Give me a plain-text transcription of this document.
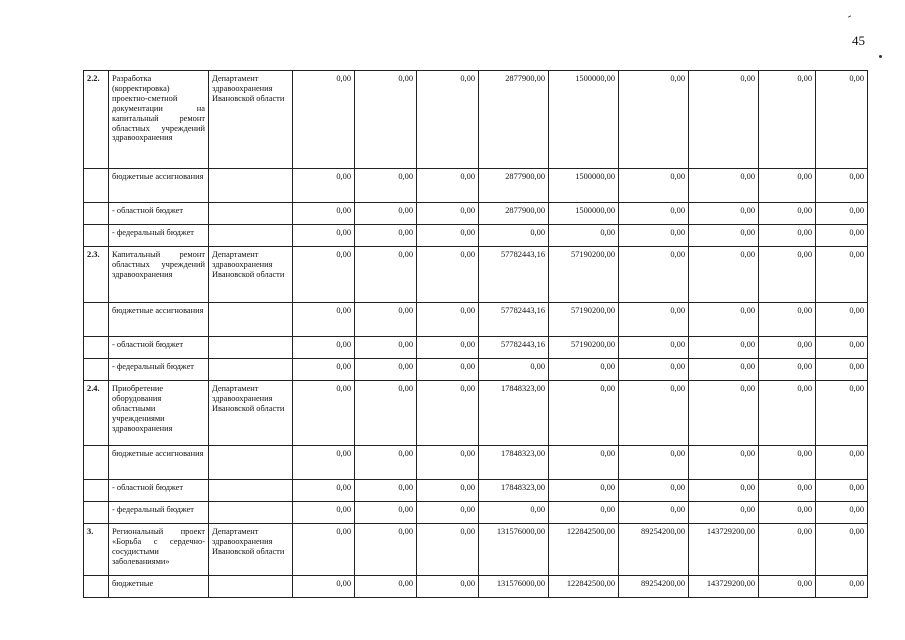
45
2.2.	Разработка (корректировка) проектно-сметной документации на капитальный ремонт областных учреждений здравоохранения	Департамент здравоохранения Ивановской области	0,00	0,00	0,00	2877900,00	1500000,00	0,00	0,00	0,00	0,00
	бюджетные ассигнования		0,00	0,00	0,00	2877900,00	1500000,00	0,00	0,00	0,00	0,00
	- областной бюджет		0,00	0,00	0,00	2877900,00	1500000,00	0,00	0,00	0,00	0,00
	- федеральный бюджет		0,00	0,00	0,00	0,00	0,00	0,00	0,00	0,00	0,00
2.3.	Капитальный ремонт областных учреждений здравоохранения	Департамент здравоохранения Ивановской области	0,00	0,00	0,00	57782443,16	57190200,00	0,00	0,00	0,00	0,00
	бюджетные ассигнования		0,00	0,00	0,00	57782443,16	57190200,00	0,00	0,00	0,00	0,00
	- областной бюджет		0,00	0,00	0,00	57782443,16	57190200,00	0,00	0,00	0,00	0,00
	- федеральный бюджет		0,00	0,00	0,00	0,00	0,00	0,00	0,00	0,00	0,00
2.4.	Приобретение оборудования областными учреждениями здравоохранения	Департамент здравоохранения Ивановской области	0,00	0,00	0,00	17848323,00	0,00	0,00	0,00	0,00	0,00
	бюджетные ассигнования		0,00	0,00	0,00	17848323,00	0,00	0,00	0,00	0,00	0,00
	- областной бюджет		0,00	0,00	0,00	17848323,00	0,00	0,00	0,00	0,00	0,00
	- федеральный бюджет		0,00	0,00	0,00	0,00	0,00	0,00	0,00	0,00	0,00
3.	Региональный проект «Борьба с сердечно-сосудистыми заболеваниями»	Департамент здравоохранения Ивановской области	0,00	0,00	0,00	131576000,00	122842500,00	89254200,00	143729200,00	0,00	0,00
	бюджетные		0,00	0,00	0,00	131576000,00	122842500,00	89254200,00	143729200,00	0,00	0,00
